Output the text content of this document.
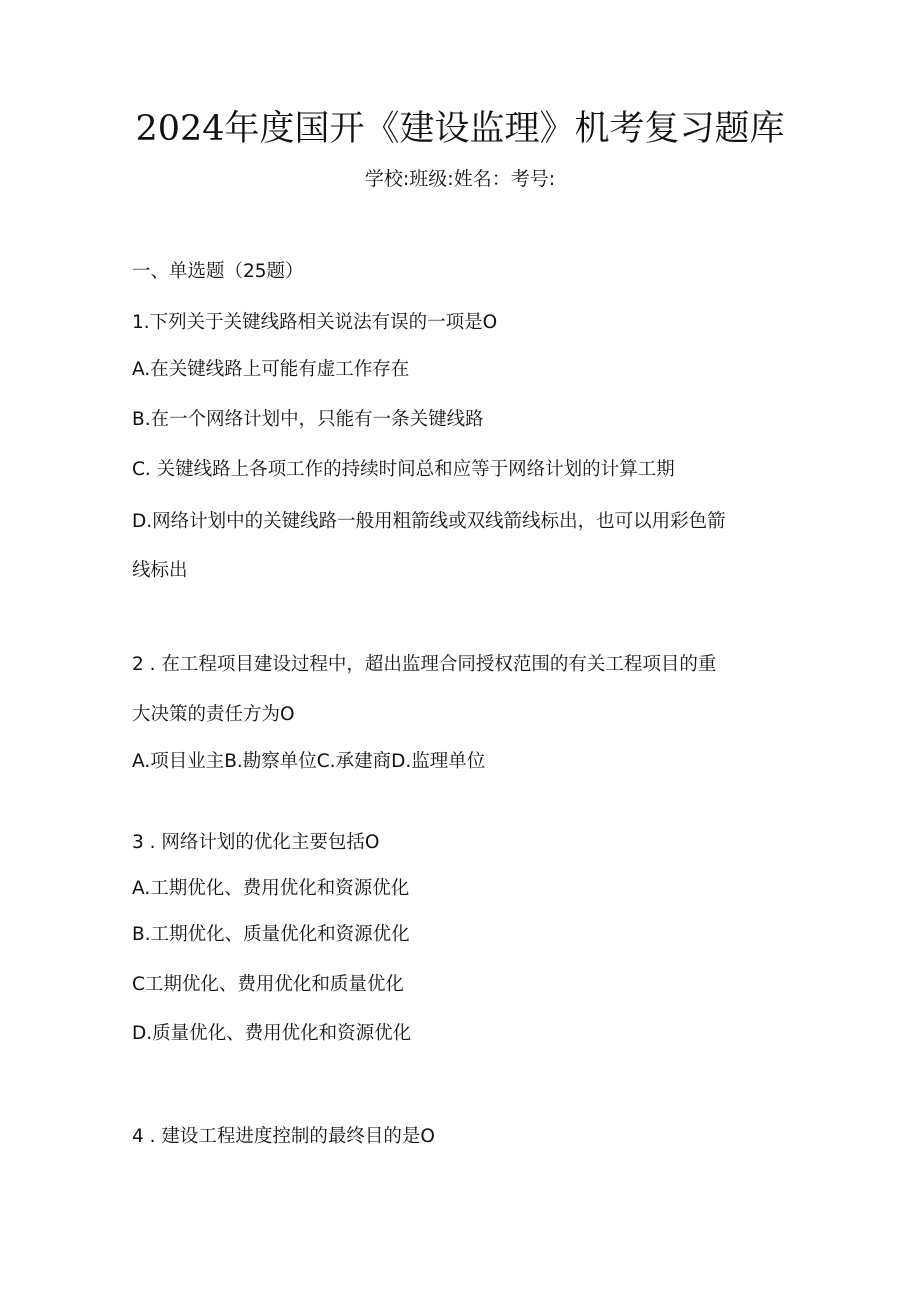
2024年度国开《建设监理》机考复习题库
学校:班级:姓名：考号:
一、单选题（25题）
1.下列关于关键线路相关说法有误的一项是O
A.在关键线路上可能有虚工作存在
B.在一个网络计划中，只能有一条关键线路
C. 关键线路上各项工作的持续时间总和应等于网络计划的计算工期
D.网络计划中的关键线路一般用粗箭线或双线箭线标出，也可以用彩色箭
线标出
2 . 在工程项目建设过程中，超出监理合同授权范围的有关工程项目的重
大决策的责任方为O
A.项目业主B.勘察单位C.承建商D.监理单位
3 . 网络计划的优化主要包括O
A.工期优化、费用优化和资源优化
B.工期优化、质量优化和资源优化
C工期优化、费用优化和质量优化
D.质量优化、费用优化和资源优化
4 . 建设工程进度控制的最终目的是O
